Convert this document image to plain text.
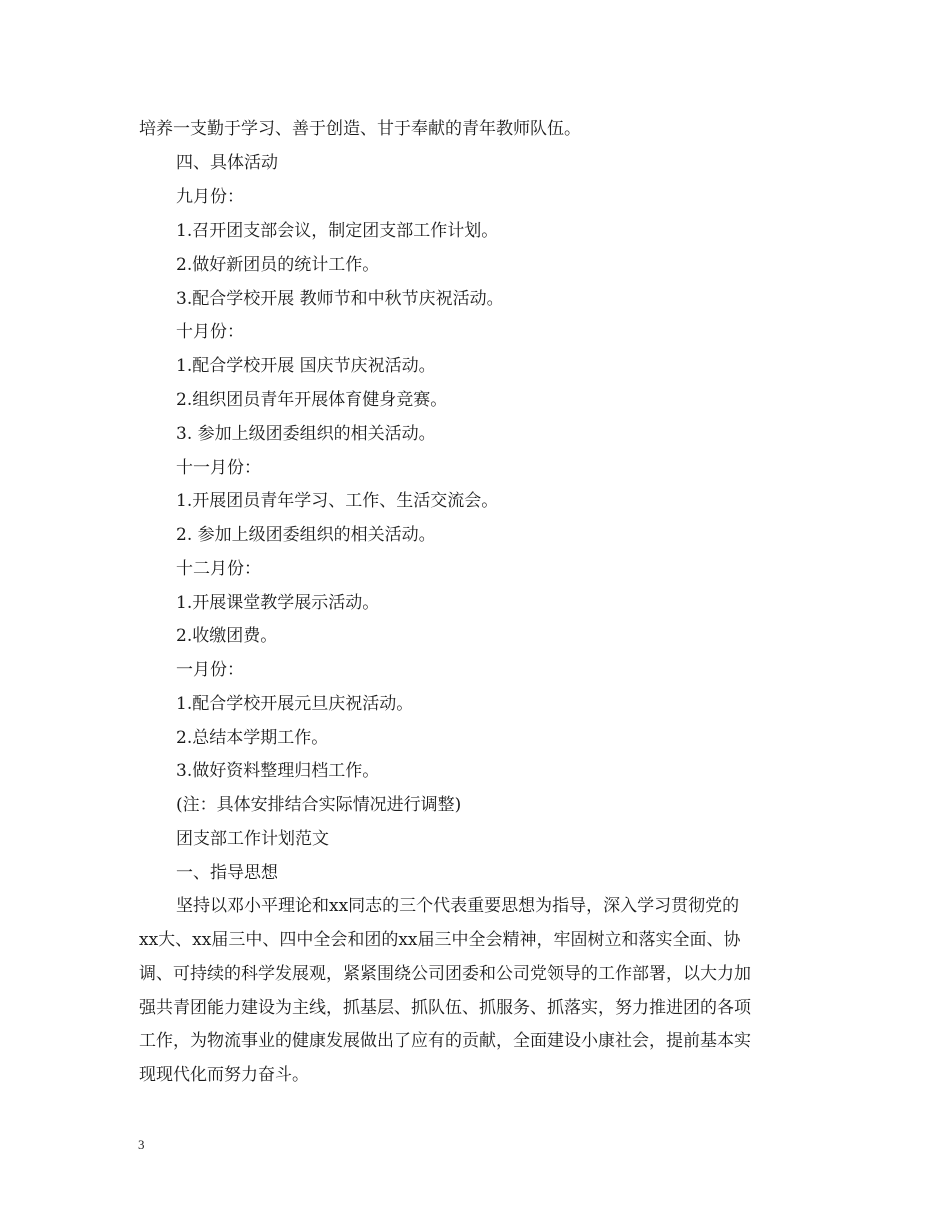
培养一支勤于学习、善于创造、甘于奉献的青年教师队伍。
四、具体活动
九月份：
1.召开团支部会议，制定团支部工作计划。
2.做好新团员的统计工作。
3.配合学校开展 教师节和中秋节庆祝活动。
十月份：
1.配合学校开展 国庆节庆祝活动。
2.组织团员青年开展体育健身竞赛。
3. 参加上级团委组织的相关活动。
十一月份：
1.开展团员青年学习、工作、生活交流会。
2. 参加上级团委组织的相关活动。
十二月份：
1.开展课堂教学展示活动。
2.收缴团费。
一月份：
1.配合学校开展元旦庆祝活动。
2.总结本学期工作。
3.做好资料整理归档工作。
(注：具体安排结合实际情况进行调整)
团支部工作计划范文
一、指导思想
坚持以邓小平理论和xx同志的三个代表重要思想为指导，深入学习贯彻党的
xx大、xx届三中、四中全会和团的xx届三中全会精神，牢固树立和落实全面、协
调、可持续的科学发展观，紧紧围绕公司团委和公司党领导的工作部署，以大力加
强共青团能力建设为主线，抓基层、抓队伍、抓服务、抓落实，努力推进团的各项
工作，为物流事业的健康发展做出了应有的贡献，全面建设小康社会，提前基本实
现现代化而努力奋斗。
3
